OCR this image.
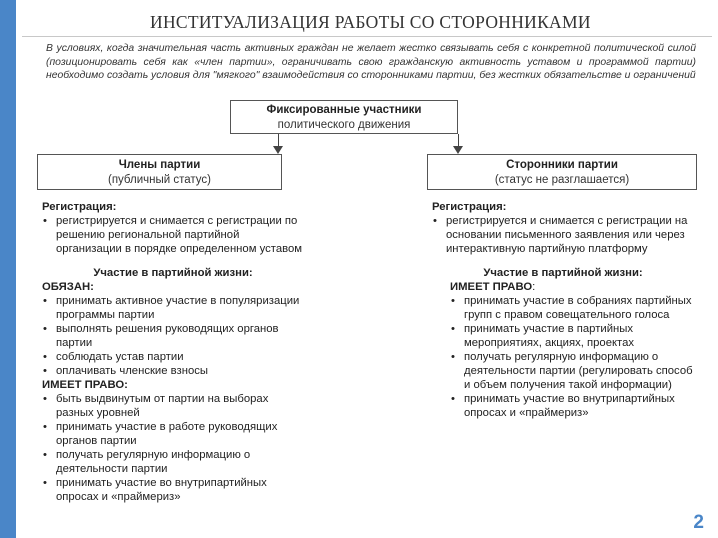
ИНСТИТУАЛИЗАЦИЯ РАБОТЫ СО СТОРОННИКАМИ
В условиях, когда значительная часть активных граждан не желает жестко связывать себя с конкретной политической силой (позиционировать себя как «член партии», ограничивать свою гражданскую активность уставом и программой партии) необходимо создать условия для "мягкого" взаимодействия со сторонниками партии, без жестких обязательстве и ограничений
Фиксированные участники
политического движения
Члены партии
(публичный статус)
Сторонники партии
(статус не разглашается)
Регистрация:
• регистрируется и снимается с регистрации по решению региональной партийной организации в порядке определенном уставом
Участие в партийной жизни:
ОБЯЗАН:
• принимать активное участие в популяризации программы партии
• выполнять решения руководящих органов партии
• соблюдать устав партии
• оплачивать членские взносы
ИМЕЕТ ПРАВО:
• быть выдвинутым от партии на выборах разных уровней
• принимать участие в работе руководящих органов партии
• получать регулярную информацию о деятельности партии
• принимать участие во внутрипартийных опросах и «праймериз»
Регистрация:
• регистрируется и снимается с регистрации на основании письменного заявления или через интерактивную партийную платформу
Участие в партийной жизни:
ИМЕЕТ ПРАВО:
• принимать участие в собраниях партийных групп с правом совещательного голоса
• принимать участие в партийных мероприятиях, акциях, проектах
• получать регулярную информацию о деятельности партии (регулировать способ и объем получения такой информации)
• принимать участие во внутрипартийных опросах и «праймериз»
2
